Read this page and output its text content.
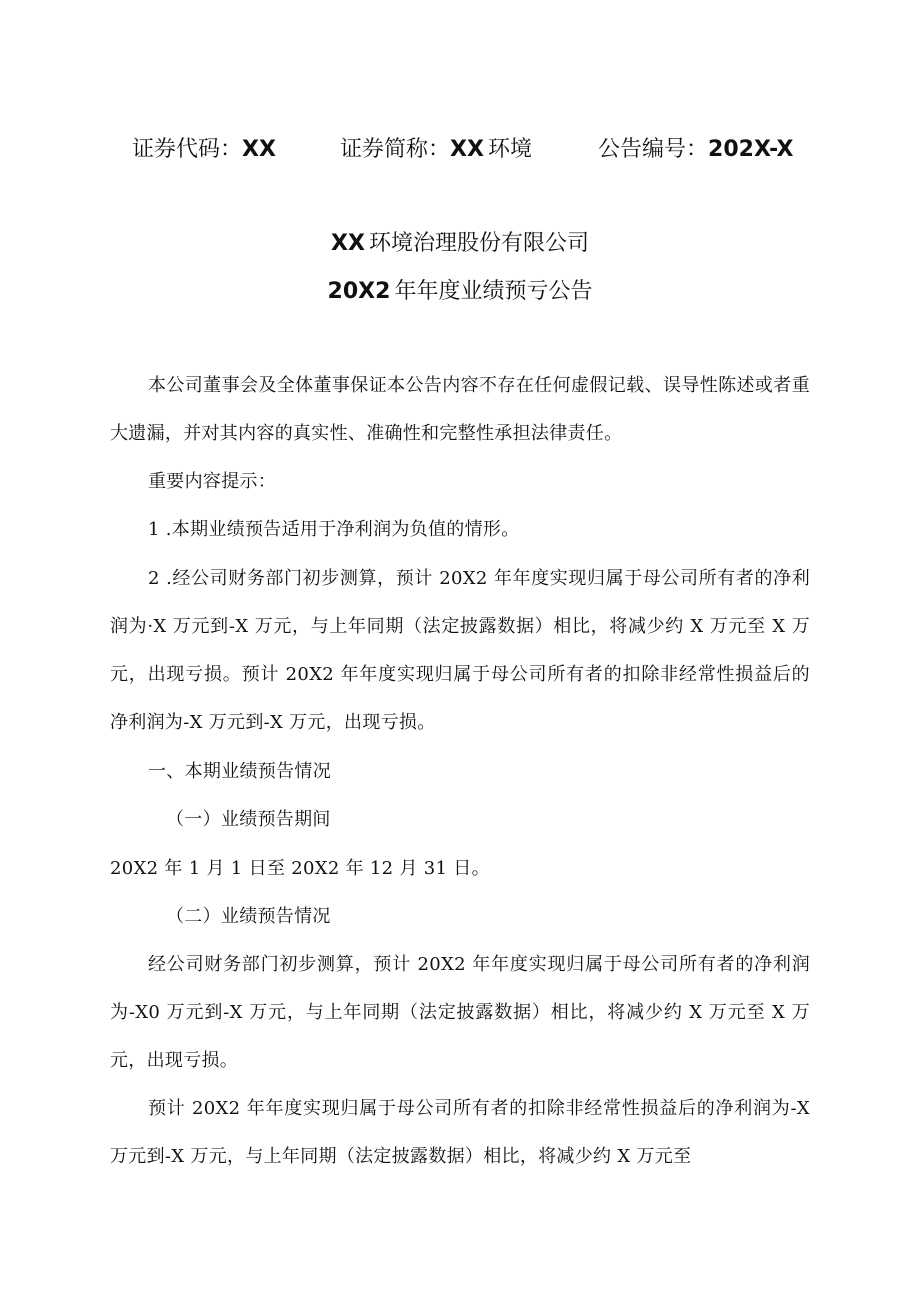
证券代码：XX	证券简称：XX 环境	公告编号：202X-X
XX 环境治理股份有限公司
20X2 年年度业绩预亏公告
本公司董事会及全体董事保证本公告内容不存在任何虚假记载、误导性陈述或者重大遗漏，并对其内容的真实性、准确性和完整性承担法律责任。
重要内容提示：
1 .本期业绩预告适用于净利润为负值的情形。
2 .经公司财务部门初步测算，预计 20X2 年年度实现归属于母公司所有者的净利润为·X 万元到-X 万元，与上年同期（法定披露数据）相比，将减少约 X 万元至 X 万元，出现亏损。预计 20X2 年年度实现归属于母公司所有者的扣除非经常性损益后的净利润为-X 万元到-X 万元，出现亏损。
一、本期业绩预告情况
（一）业绩预告期间
20X2 年 1 月 1 日至 20X2 年 12 月 31 日。
（二）业绩预告情况
经公司财务部门初步测算，预计 20X2 年年度实现归属于母公司所有者的净利润为-X0 万元到-X 万元，与上年同期（法定披露数据）相比，将减少约 X 万元至 X 万元，出现亏损。
预计 20X2 年年度实现归属于母公司所有者的扣除非经常性损益后的净利润为-X 万元到-X 万元，与上年同期（法定披露数据）相比，将减少约 X 万元至
